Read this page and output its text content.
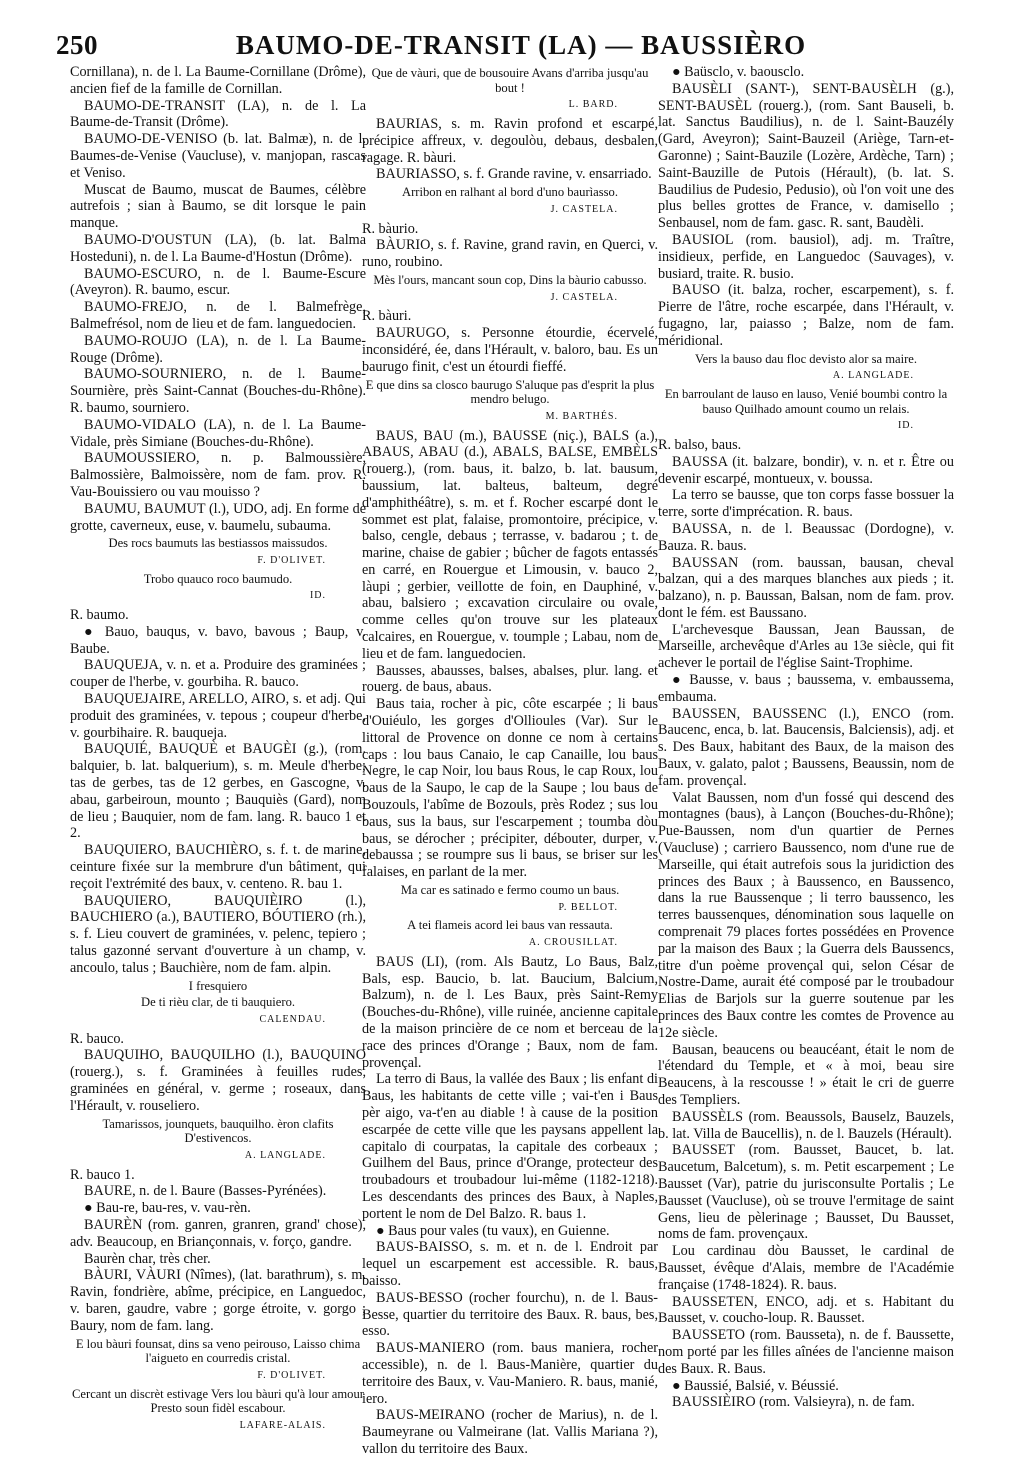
250	BAUMO-DE-TRANSIT (LA) — BAUSSIÈRO
Cornillana), n. de l. La Baume-Cornillane (Drôme), ancien fief de la famille de Cornillan.
BAUMO-DE-TRANSIT (LA), n. de l. La Baume-de-Transit (Drôme).
BAUMO-DE-VENISO (b. lat. Balmæ), n. de l. Baumes-de-Venise (Vaucluse), v. manjopan, rascas et Veniso.
Muscat de Baumo, muscat de Baumes, célèbre autrefois ; sian à Baumo, se dit lorsque le pain manque.
BAUMO-D'OUSTUN (LA), (b. lat. Balma Hosteduni), n. de l. La Baume-d'Hostun (Drôme).
BAUMO-ESCURO, n. de l. Baume-Escure (Aveyron). R. baumo, escur.
BAUMO-FREJO, n. de l. Balmefrège, Balmefrésol, nom de lieu et de fam. languedocien.
BAUMO-ROUJO (LA), n. de l. La Baume-Rouge (Drôme).
BAUMO-SOURNIERO, n. de l. Baume-Sournière, près Saint-Cannat (Bouches-du-Rhône). R. baumo, sourniero.
BAUMO-VIDALO (LA), n. de l. La Baume-Vidale, près Simiane (Bouches-du-Rhône).
BAUMOUSSIERO, n. p. Balmoussière, Balmossière, Balmoissère, nom de fam. prov. R. Vau-Bouissiero ou vau mouisso ?
BAUMU, BAUMUT (l.), UDO, adj. En forme de grotte, caverneux, euse, v. baumelu, subauma.
Des rocs baumuts las bestiassos maissudos.
F. D'OLIVET.
Trobo quauco roco baumudo.
ID.
R. baumo.
● Bauo, bauqus, v. bavo, bavous ; Baup, v. Baube.
BAUQUEJA, v. n. et a. Produire des graminées ; couper de l'herbe, v. gourbiha. R. bauco.
BAUQUEJAIRE, ARELLO, AIRO, s. et adj. Qui produit des graminées, v. tepous ; coupeur d'herbe, v. gourbihaire. R. bauqueja.
BAUQUIÉ, BAUQUÈ et BAUGÈI (g.), (rom. balquier, b. lat. balquerium), s. m. Meule d'herbe; tas de gerbes, tas de 12 gerbes, en Gascogne, v. abau, garbeiroun, mounto ; Bauquiès (Gard), nom de lieu ; Bauquier, nom de fam. lang. R. bauco 1 et 2.
BAUQUIERO, BAUCHIÈRO, s. f. t. de marine, ceinture fixée sur la membrure d'un bâtiment, qui reçoit l'extrémité des baux, v. centeno. R. bau 1.
BAUQUIERO, BAUQUIÈIRO (l.), BAUCHIERO (a.), BAUTIERO, BÓUTIERO (rh.), s. f. Lieu couvert de graminées, v. pelenc, tepiero ; talus gazonné servant d'ouverture à un champ, v. ancoulo, talus ; Bauchière, nom de fam. alpin.
I fresquiero
De ti rièu clar, de ti bauquiero.
CALENDAU.
R. bauco.
BAUQUIHO, BAUQUILHO (l.), BAUQUINO (rouerg.), s. f. Graminées à feuilles rudes, graminées en général, v. germe ; roseaux, dans l'Hérault, v. rouseliero.
Tamarissos, jounquets, bauquilho. èron clafits D'estivencos.
A. LANGLADE.
R. bauco 1.
BAURE, n. de l. Baure (Basses-Pyrénées).
● Bau-re, bau-res, v. vau-rèn.
BAURÈN (rom. ganren, granren, grand' chose), adv. Beaucoup, en Briançonnais, v. forço, gandre.
Baurèn char, très cher.
BÀURI, VÀURI (Nîmes), (lat. barathrum), s. m. Ravin, fondrière, abîme, précipice, en Languedoc, v. baren, gaudre, vabre ; gorge étroite, v. gorgo ; Baury, nom de fam. lang.
E lou bàuri founsat, dins sa veno peirouso, Laisso chima l'aigueto en courredis cristal.
F. D'OLIVET.
Cercant un discrèt estivage Vers lou bàuri qu'à lour amour Presto soun fidèl escabour.
LAFARE-ALAIS.
Que de vàuri, que de bousouire Avans d'arriba jusqu'au bout !
L. BARD.
BAURIAS, s. m. Ravin profond et escarpé, précipice affreux, v. degoulòu, debaus, desbalen, ragage. R. bàuri.
BAURIASSO, s. f. Grande ravine, v. ensarriado.
Arribon en ralhant al bord d'uno baurìasso.
J. CASTELA.
R. bàurio.
BÀURIO, s. f. Ravine, grand ravin, en Querci, v. runo, roubino.
Mès l'ours, mancant soun cop, Dins la bàurio cabusso.
J. CASTELA.
R. bàuri.
BAURUGO, s. Personne étourdie, écervelé, inconsidéré, ée, dans l'Hérault, v. baloro, bau. Es un baurugo finit, c'est un étourdi fieffé.
E que dins sa closco baurugo S'aluque pas d'esprit la plus mendro belugo.
M. BARTHÉS.
BAUS, BAU (m.), BAUSSE (niç.), BALS (a.), ABAUS, ABAU (d.), ABALS, BALSE, EMBÈLS (rouerg.), (rom. baus, it. balzo, b. lat. bausum, baussium, lat. balteus, balteum, degré d'amphithéâtre), s. m. et f. Rocher escarpé dont le sommet est plat, falaise, promontoire, précipice, v. balso, cengle, debaus ; terrasse, v. badarou ; t. de marine, chaise de gabier ; bûcher de fagots entassés en carré, en Rouergue et Limousin, v. bauco 2, làupi ; gerbier, veillotte de foin, en Dauphiné, v. abau, balsiero ; excavation circulaire ou ovale, comme celles qu'on trouve sur les plateaux calcaires, en Rouergue, v. toumple ; Labau, nom de lieu et de fam. languedocien.
Bausses, abausses, balses, abalses, plur. lang. et rouerg. de baus, abaus.
Baus taia, rocher à pic, côte escarpée ; li baus d'Ouiéulo, les gorges d'Ollioules (Var). Sur le littoral de Provence on donne ce nom à certains caps : lou baus Canaio, le cap Canaille, lou baus Negre, le cap Noir, lou baus Rous, le cap Roux, lou baus de la Saupo, le cap de la Saupe ; lou baus de Bouzouls, l'abîme de Bozouls, près Rodez ; sus lou baus, sus la baus, sur l'escarpement ; toumba dòu baus, se dérocher ; précipiter, débouter, durper, v. debaussa ; se roumpre sus li baus, se briser sur les falaises, en parlant de la mer.
Ma car es satinado e fermo coumo un baus.
P. BELLOT.
A tei flameis acord lei baus van ressauta.
A. CROUSILLAT.
BAUS (LI), (rom. Als Bautz, Lo Baus, Balz, Bals, esp. Baucio, b. lat. Baucium, Balcium, Balzum), n. de l. Les Baux, près Saint-Remy (Bouches-du-Rhône), ville ruinée, ancienne capitale de la maison princière de ce nom et berceau de la race des princes d'Orange ; Baux, nom de fam. provençal.
La terro di Baus, la vallée des Baux ; lis enfant di Baus, les habitants de cette ville ; vai-t'en i Baus pèr aigo, va-t'en au diable ! à cause de la position escarpée de cette ville que les paysans appellent la capitalo di courpatas, la capitale des corbeaux ; Guilhem del Baus, prince d'Orange, protecteur des troubadours et troubadour lui-même (1182-1218). Les descendants des princes des Baux, à Naples, portent le nom de Del Balzo. R. baus 1.
● Baus pour vales (tu vaux), en Guienne.
BAUS-BAISSO, s. m. et n. de l. Endroit par lequel un escarpement est accessible. R. baus, baisso.
BAUS-BESSO (rocher fourchu), n. de l. Baus-Besse, quartier du territoire des Baux. R. baus, bes, esso.
BAUS-MANIERO (rom. baus maniera, rocher accessible), n. de l. Baus-Manière, quartier du territoire des Baux, v. Vau-Maniero. R. baus, manié, iero.
BAUS-MEIRANO (rocher de Marius), n. de l. Baumeyrane ou Valmeirane (lat. Vallis Mariana ?), vallon du territoire des Baux.
● Baüsclo, v. baousclo.
BAUSÈLI (SANT-), SENT-BAUSÈLH (g.), SENT-BAUSÈL (rouerg.), (rom. Sant Bauseli, b. lat. Sanctus Baudilius), n. de l. Saint-Bauzély (Gard, Aveyron); Saint-Bauzeil (Ariège, Tarn-et-Garonne) ; Saint-Bauzile (Lozère, Ardèche, Tarn) ; Saint-Bauzille de Putois (Hérault), (b. lat. S. Baudilius de Pudesio, Pedusio), où l'on voit une des plus belles grottes de France, v. damisello ; Senbausel, nom de fam. gasc. R. sant, Baudèli.
BAUSIOL (rom. bausiol), adj. m. Traître, insidieux, perfide, en Languedoc (Sauvages), v. busiard, traite. R. busio.
BAUSO (it. balza, rocher, escarpement), s. f. Pierre de l'âtre, roche escarpée, dans l'Hérault, v. fugagno, lar, paiasso ; Balze, nom de fam. méridional.
Vers la bauso dau floc devisto alor sa maire.
A. LANGLADE.
En barroulant de lauso en lauso, Venié boumbi contro la bauso Quilhado amount coumo un relais.
ID.
R. balso, baus.
BAUSSA (it. balzare, bondir), v. n. et r. Être ou devenir escarpé, montueux, v. boussa.
La terro se bausse, que ton corps fasse bossuer la terre, sorte d'imprécation. R. baus.
BAUSSA, n. de l. Beaussac (Dordogne), v. Bauza. R. baus.
BAUSSAN (rom. baussan, bausan, cheval balzan, qui a des marques blanches aux pieds ; it. balzano), n. p. Baussan, Balsan, nom de fam. prov. dont le fém. est Baussano.
L'archevesque Baussan, Jean Baussan, de Marseille, archevêque d'Arles au 13e siècle, qui fit achever le portail de l'église Saint-Trophime.
● Bausse, v. baus ; baussema, v. embaussema, embauma.
BAUSSEN, BAUSSENC (l.), ENCO (rom. Baucenc, enca, b. lat. Baucensis, Balciensis), adj. et s. Des Baux, habitant des Baux, de la maison des Baux, v. galato, palot ; Baussens, Beaussin, nom de fam. provençal.
Valat Baussen, nom d'un fossé qui descend des montagnes (baus), à Lançon (Bouches-du-Rhône); Pue-Baussen, nom d'un quartier de Pernes (Vaucluse) ; carriero Baussenco, nom d'une rue de Marseille, qui était autrefois sous la juridiction des princes des Baux ; à Baussenco, en Baussenco, dans la rue Baussenque ; li terro baussenco, les terres baussenques, dénomination sous laquelle on comprenait 79 places fortes possédées en Provence par la maison des Baux ; la Guerra dels Baussencs, titre d'un poème provençal qui, selon César de Nostre-Dame, aurait été composé par le troubadour Elias de Barjols sur la guerre soutenue par les princes des Baux contre les comtes de Provence au 12e siècle.
Bausan, beaucens ou beaucéant, était le nom de l'étendard du Temple, et « à moi, beau sire Beaucens, à la rescousse ! » était le cri de guerre des Templiers.
BAUSSÈLS (rom. Beaussols, Bauselz, Bauzels, b. lat. Villa de Baucellis), n. de l. Bauzels (Hérault).
BAUSSET (rom. Bausset, Baucet, b. lat. Baucetum, Balcetum), s. m. Petit escarpement ; Le Bausset (Var), patrie du jurisconsulte Portalis ; Le Bausset (Vaucluse), où se trouve l'ermitage de saint Gens, lieu de pèlerinage ; Bausset, Du Bausset, noms de fam. provençaux.
Lou cardinau dòu Bausset, le cardinal de Bausset, évêque d'Alais, membre de l'Académie française (1748-1824). R. baus.
BAUSSETEN, ENCO, adj. et s. Habitant du Bausset, v. coucho-loup. R. Bausset.
BAUSSETO (rom. Bausseta), n. de f. Baussette, nom porté par les filles aînées de l'ancienne maison des Baux. R. Baus.
● Baussié, Balsié, v. Béussié.
BAUSSIÈIRO (rom. Valsieyra), n. de fam.
